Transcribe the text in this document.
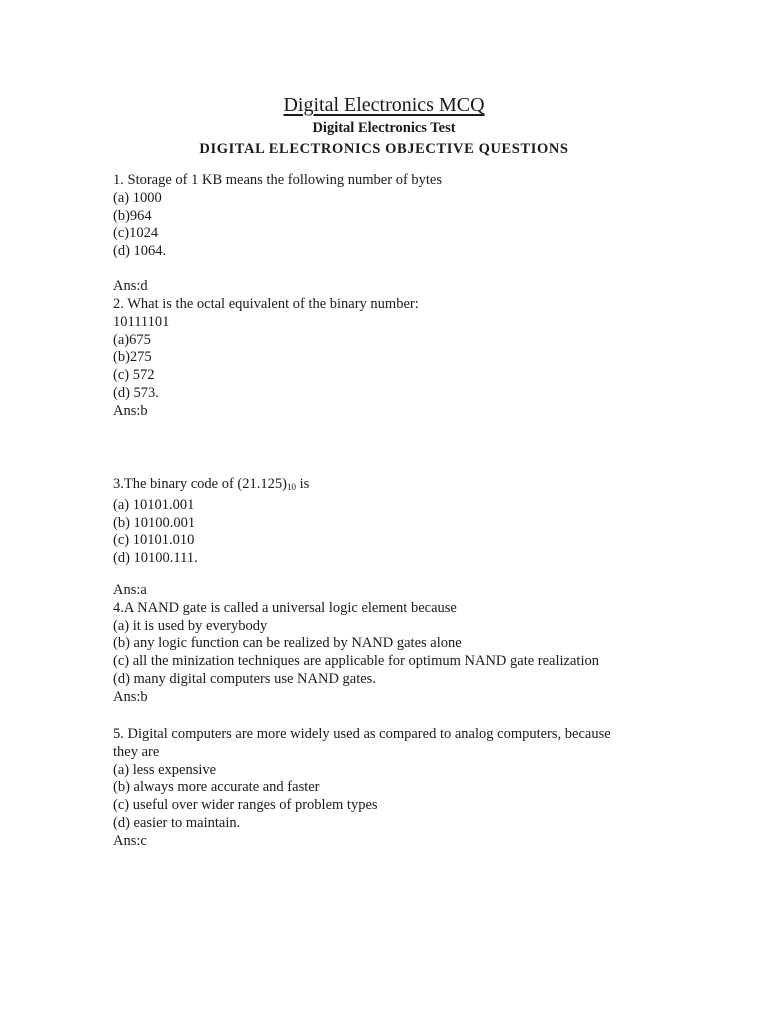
Digital Electronics MCQ
Digital Electronics Test
DIGITAL ELECTRONICS OBJECTIVE QUESTIONS
1. Storage of 1 KB means the following number of bytes
(a) 1000
(b)964
(c)1024
(d) 1064.
Ans:d
2. What is the octal equivalent of the binary number:
10111101
(a)675
(b)275
(c) 572
(d) 573.
Ans:b
3.The binary code of (21.125)10 is
(a) 10101.001
(b) 10100.001
(c) 10101.010
(d) 10100.111.
Ans:a
4.A NAND gate is called a universal logic element because
(a) it is used by everybody
(b) any logic function can be realized by NAND gates alone
(c) all the minization techniques are applicable for optimum NAND gate realization
(d) many digital computers use NAND gates.
Ans:b
5. Digital computers are more widely used as compared to analog computers, because
they are
(a) less expensive
(b) always more accurate and faster
(c) useful over wider ranges of problem types
(d) easier to maintain.
Ans:c
